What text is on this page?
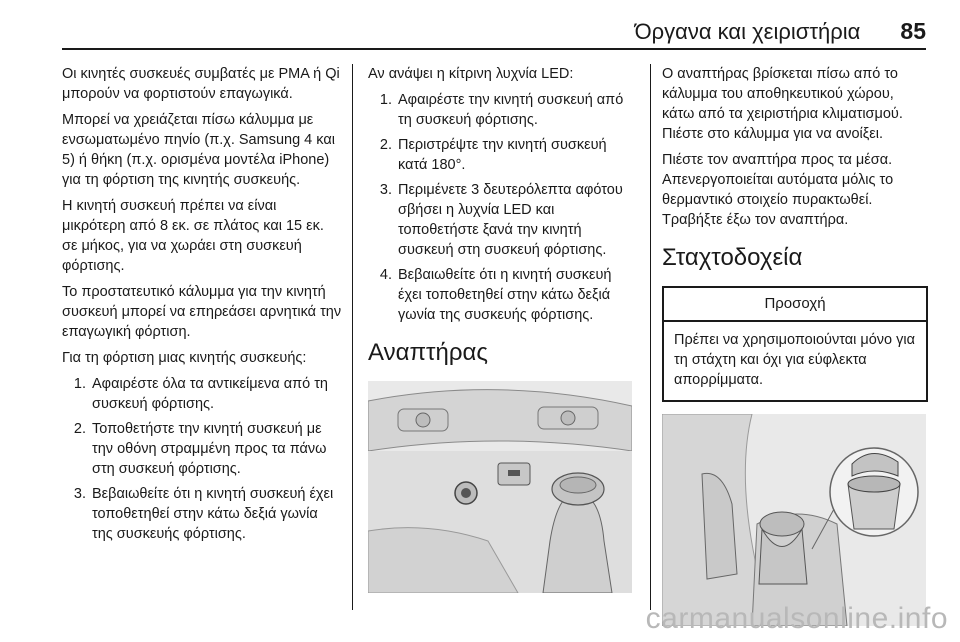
Όργανα και χειριστήρια 85

Οι κινητές συσκευές συμβατές με PMA ή Qi μπορούν να φορτιστούν επαγωγικά.

Μπορεί να χρειάζεται πίσω κάλυμμα με ενσωματωμένο πηνίο (π.χ. Samsung 4 και 5) ή θήκη (π.χ. ορισμένα μοντέλα iPhone) για τη φόρτιση της κινητής συσκευής.

Η κινητή συσκευή πρέπει να είναι μικρότερη από 8 εκ. σε πλάτος και 15 εκ. σε μήκος, για να χωράει στη συσκευή φόρτισης.

Το προστατευτικό κάλυμμα για την κινητή συσκευή μπορεί να επηρεάσει αρνητικά την επαγωγική φόρτιση.

Για τη φόρτιση μιας κινητής συσκευής:

1. Αφαιρέστε όλα τα αντικείμενα από τη συσκευή φόρτισης.
2. Τοποθετήστε την κινητή συσκευή με την οθόνη στραμμένη προς τα πάνω στη συσκευή φόρτισης.
3. Βεβαιωθείτε ότι η κινητή συσκευή έχει τοποθετηθεί στην κάτω δεξιά γωνία της συσκευής φόρτισης.

Αν ανάψει η κίτρινη λυχνία LED:

1. Αφαιρέστε την κινητή συσκευή από τη συσκευή φόρτισης.
2. Περιστρέψτε την κινητή συσκευή κατά 180°.
3. Περιμένετε 3 δευτερόλεπτα αφότου σβήσει η λυχνία LED και τοποθετήστε ξανά την κινητή συσκευή στη συσκευή φόρτισης.
4. Βεβαιωθείτε ότι η κινητή συσκευή έχει τοποθετηθεί στην κάτω δεξιά γωνία της συσκευής φόρτισης.
Αναπτήρας

Ο αναπτήρας βρίσκεται πίσω από το κάλυμμα του αποθηκευτικού χώρου, κάτω από τα χειριστήρια κλιματισμού. Πιέστε στο κάλυμμα για να ανοίξει.

Πιέστε τον αναπτήρα προς τα μέσα. Απενεργοποιείται αυτόματα μόλις το θερμαντικό στοιχείο πυρακτωθεί. Τραβήξτε έξω τον αναπτήρα.

Σταχτοδοχεία
Προσοχή
Πρέπει να χρησιμοποιούνται μόνο για τη στάχτη και όχι για εύφλεκτα απορρίμματα.
carmanualsonline.info
